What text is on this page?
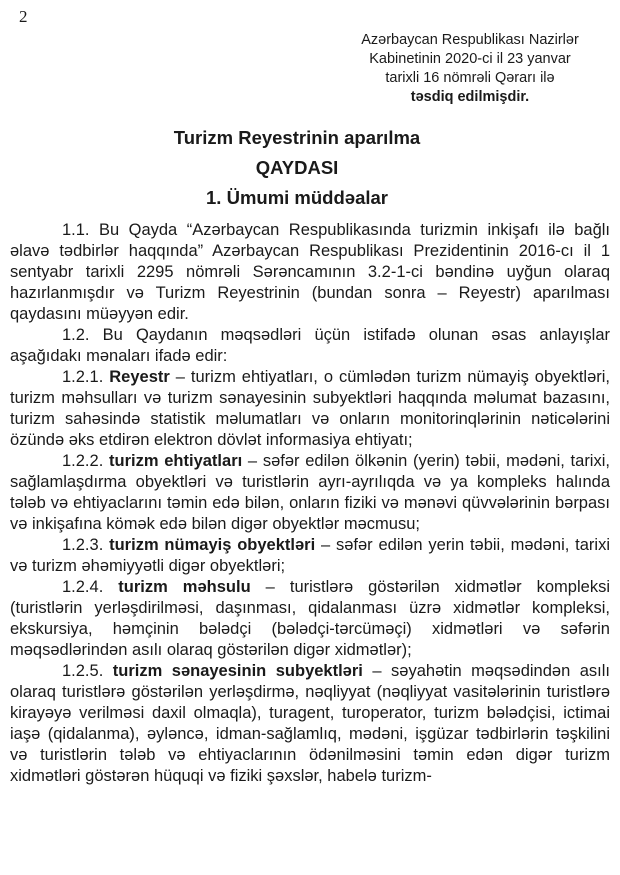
2
Azərbaycan Respublikası Nazirlər
Kabinetinin 2020-ci il 23 yanvar
tarixli 16 nömrəli Qərarı ilə
təsdiq edilmişdir.
Turizm Reyestrinin aparılma
QAYDASI
1. Ümumi müddəalar

1.1. Bu Qayda “Azərbaycan Respublikasında turizmin inkişafı ilə bağlı əlavə tədbirlər haqqında” Azərbaycan Respublikası Prezidentinin 2016-cı il 1 sentyabr tarixli 2295 nömrəli Sərəncamının 3.2-1-ci bəndinə uyğun olaraq hazırlanmışdır və Turizm Reyestrinin (bundan sonra – Reyestr) aparılması qaydasını müəyyən edir.

1.2. Bu Qaydanın məqsədləri üçün istifadə olunan əsas anlayışlar aşağıdakı mənaları ifadə edir:

1.2.1. Reyestr – turizm ehtiyatları, o cümlədən turizm nümayiş obyektləri, turizm məhsulları və turizm sənayesinin subyektləri haqqında məlumat bazasını, turizm sahəsində statistik məlumatları və onların monitorinqlərinin nəticələrini özündə əks etdirən elektron dövlət informasiya ehtiyatı;

1.2.2. turizm ehtiyatları – səfər edilən ölkənin (yerin) təbii, mədəni, tarixi, sağlamlaşdırma obyektləri və turistlərin ayrı-ayrılıqda və ya kompleks halında tələb və ehtiyaclarını təmin edə bilən, onların fiziki və mənəvi qüvvələrinin bərpası və inkişafına kömək edə bilən digər obyektlər məcmusu;

1.2.3. turizm nümayiş obyektləri – səfər edilən yerin təbii, mədəni, tarixi və turizm əhəmiyyətli digər obyektləri;

1.2.4. turizm məhsulu – turistlərə göstərilən xidmətlər kompleksi (turistlərin yerləşdirilməsi, daşınması, qidalanması üzrə xidmətlər kompleksi, ekskursiya, həmçinin bələdçi (bələdçi-tərcüməçi) xidmətləri və səfərin məqsədlərindən asılı olaraq göstərilən digər xidmətlər);

1.2.5. turizm sənayesinin subyektləri – səyahətin məqsədindən asılı olaraq turistlərə göstərilən yerləşdirmə, nəqliyyat (nəqliyyat vasitələrinin turistlərə kirayəyə verilməsi daxil olmaqla), turagent, turoperator, turizm bələdçisi, ictimai iaşə (qidalanma), əyləncə, idman-sağlamlıq, mədəni, işgüzar tədbirlərin təşkilini və turistlərin tələb və ehtiyaclarının ödənilməsini təmin edən digər turizm xidmətləri göstərən hüquqi və fiziki şəxslər, habelə turizm-
